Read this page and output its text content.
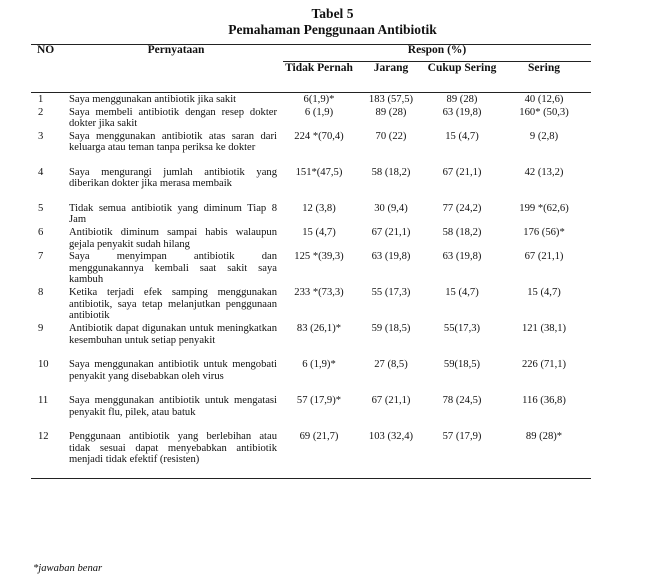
Tabel 5
Pemahaman Penggunaan Antibiotik
NO	Pernyataan	Respon (%)			
		Tidak Pernah	Jarang	Cukup Sering	Sering
1	Saya menggunakan antibiotik jika sakit	6(1,9)*	183 (57,5)	89 (28)	40 (12,6)
2	Saya membeli antibiotik dengan resep dokter dokter jika sakit	6 (1,9)	89 (28)	63 (19,8)	160* (50,3)
3	Saya menggunakan antibiotik atas saran dari keluarga atau teman tanpa periksa ke dokter	224 *(70,4)	70 (22)	15 (4,7)	9 (2,8)
4	Saya mengurangi jumlah antibiotik yang diberikan dokter jika merasa membaik	151*(47,5)	58 (18,2)	67 (21,1)	42 (13,2)
5	Tidak semua antibiotik yang diminum Tiap 8 Jam	12 (3,8)	30 (9,4)	77 (24,2)	199 *(62,6)
6	Antibiotik diminum sampai habis walaupun gejala penyakit sudah hilang	15 (4,7)	67 (21,1)	58 (18,2)	176 (56)*
7	Saya menyimpan antibiotik dan menggunakannya kembali saat sakit saya kambuh	125 *(39,3)	63 (19,8)	63 (19,8)	67 (21,1)
8	Ketika terjadi efek samping menggunakan antibiotik, saya tetap melanjutkan penggunaan antibiotik	233 *(73,3)	55 (17,3)	15 (4,7)	15 (4,7)
9	Antibiotik dapat digunakan untuk meningkatkan kesembuhan untuk setiap penyakit	83 (26,1)*	59 (18,5)	55(17,3)	121 (38,1)
10	Saya menggunakan antibiotik untuk mengobati penyakit yang disebabkan oleh virus	6 (1,9)*	27 (8,5)	59(18,5)	226 (71,1)
11	Saya menggunakan antibiotik untuk mengatasi penyakit flu, pilek, atau batuk	57 (17,9)*	67 (21,1)	78 (24,5)	116 (36,8)
12	Penggunaan antibiotik yang berlebihan atau tidak sesuai dapat menyebabkan antibiotik menjadi tidak efektif (resisten)	69 (21,7)	103 (32,4)	57 (17,9)	89 (28)*
*jawaban benar
